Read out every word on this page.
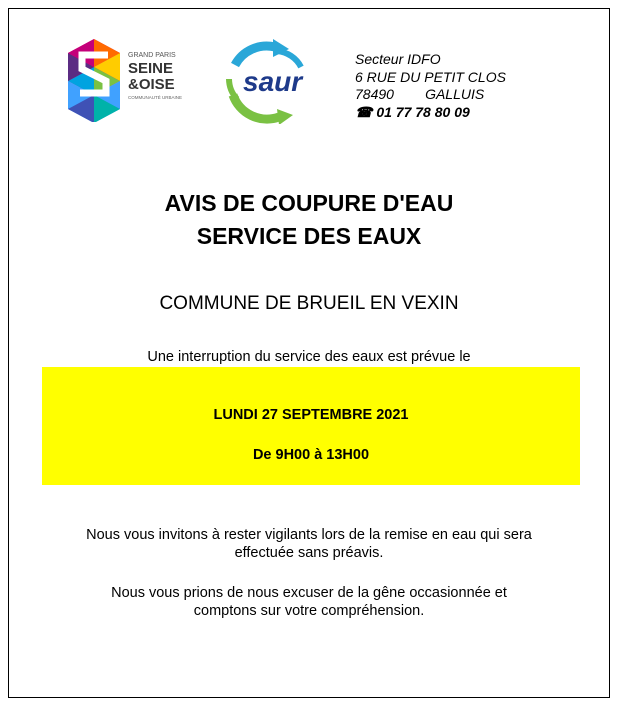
GRAND PARIS
SEINE
&OISE
COMMUNAUTÉ URBAINE
saur
Secteur IDFO
6 RUE DU PETIT CLOS
78490 GALLUIS
☎ 01 77 78 80 09
AVIS DE COUPURE D'EAU
SERVICE DES EAUX
COMMUNE DE BRUEIL EN VEXIN
Une interruption du service des eaux est prévue le
LUNDI 27 SEPTEMBRE 2021
De 9H00 à 13H00
Nous vous invitons à rester vigilants lors de la remise en eau qui sera
effectuée sans préavis.
Nous vous prions de nous excuser de la gêne occasionnée et
comptons sur votre compréhension.
